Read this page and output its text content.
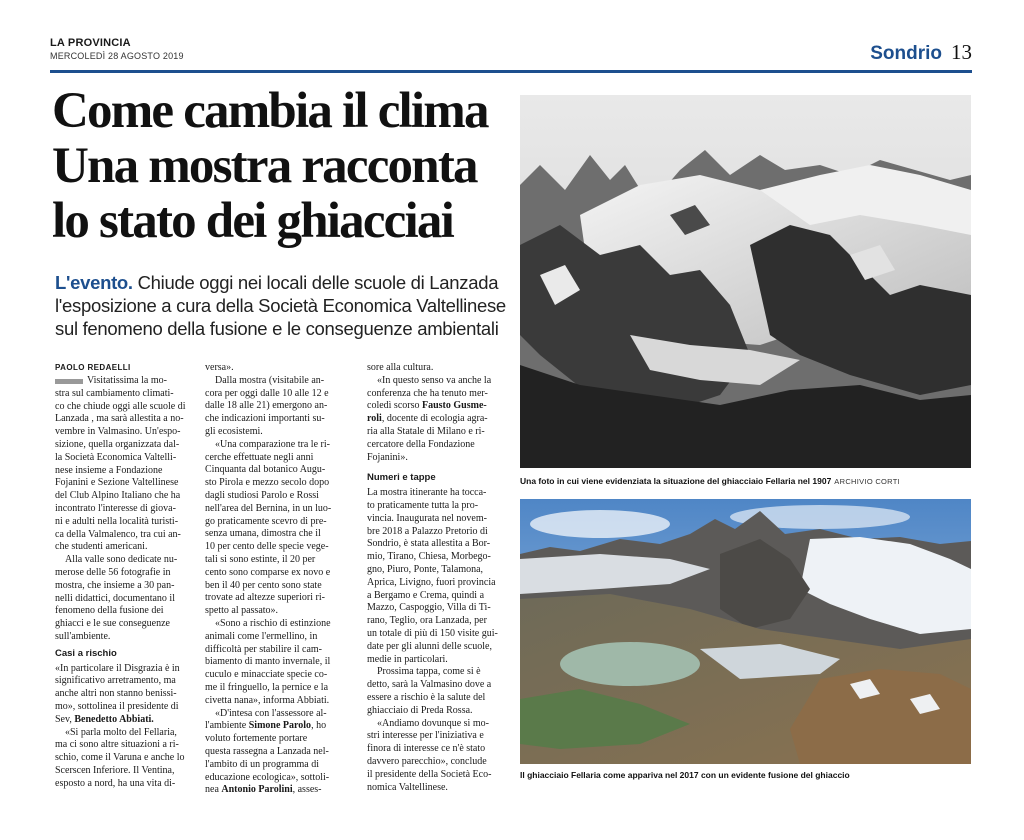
LA PROVINCIA
MERCOLEDÌ 28 AGOSTO 2019	Sondrio 13
Come cambia il clima
Una mostra racconta
lo stato dei ghiacciai
L'evento. Chiude oggi nei locali delle scuole di Lanzada
l'esposizione a cura della Società Economica Valtellinese
sul fenomeno della fusione e le conseguenze ambientali
PAOLO REDAELLI

Visitatissima la mo-

stra sul cambiamento climati-

co che chiude oggi alle scuole di

Lanzada , ma sarà allestita a no-

vembre in Valmasino. Un'espo-

sizione, quella organizzata dal-

la Società Economica Valtelli-

nese insieme a Fondazione

Fojanini e Sezione Valtellinese

del Club Alpino Italiano che ha

incontrato l'interesse di giova-

ni e adulti nella località turisti-

ca della Valmalenco, tra cui an-

che studenti americani.

Alla valle sono dedicate nu-

merose delle 56 fotografie in

mostra, che insieme a 30 pan-

nelli didattici, documentano il

fenomeno della fusione dei

ghiacci e le sue conseguenze

sull'ambiente.

Casi a rischio

«In particolare il Disgrazia è in

significativo arretramento, ma

anche altri non stanno benissi-

mo», sottolinea il presidente di

Sev, Benedetto Abbiati.

«Si parla molto del Fellaria,

ma ci sono altre situazioni a ri-

schio, come il Varuna e anche lo

Scerscen Inferiore. Il Ventina,

esposto a nord, ha una vita di-

versa».

Dalla mostra (visitabile an-

cora per oggi dalle 10 alle 12 e

dalle 18 alle 21) emergono an-

che indicazioni importanti su-

gli ecosistemi.

«Una comparazione tra le ri-

cerche effettuate negli anni

Cinquanta dal botanico Augu-

sto Pirola e mezzo secolo dopo

dagli studiosi Parolo e Rossi

nell'area del Bernina, in un luo-

go praticamente scevro di pre-

senza umana, dimostra che il

10 per cento delle specie vege-

tali si sono estinte, il 20 per

cento sono comparse ex novo e

ben il 40 per cento sono state

trovate ad altezze superiori ri-

spetto al passato».

«Sono a rischio di estinzione

animali come l'ermellino, in

difficoltà per stabilire il cam-

biamento di manto invernale, il

cuculo e minacciate specie co-

me il fringuello, la pernice e la

civetta nana», informa Abbiati.

«D'intesa con l'assessore al-

l'ambiente Simone Parolo, ho

voluto fortemente portare

questa rassegna a Lanzada nel-

l'ambito di un programma di

educazione ecologica», sottoli-

nea Antonio Parolini, asses-

sore alla cultura.

«In questo senso va anche la

conferenza che ha tenuto mer-

coledì scorso Fausto Gusme-

roli, docente di ecologia agra-

ria alla Statale di Milano e ri-

cercatore della Fondazione

Fojanini».

Numeri e tappe

La mostra itinerante ha tocca-

to praticamente tutta la pro-

vincia. Inaugurata nel novem-

bre 2018 a Palazzo Pretorio di

Sondrio, è stata allestita a Bor-

mio, Tirano, Chiesa, Morbego-

gno, Piuro, Ponte, Talamona,

Aprica, Livigno, fuori provincia

a Bergamo e Crema, quindi a

Mazzo, Caspoggio, Villa di Ti-

rano, Teglio, ora Lanzada, per

un totale di più di 150 visite gui-

date per gli alunni delle scuole,

medie in particolari.

Prossima tappa, come si è

detto, sarà la Valmasino dove a

essere a rischio è la salute del

ghiacciaio di Preda Rossa.

«Andiamo dovunque si mo-

stri interesse per l'iniziativa e

finora di interesse ce n'è stato

davvero parecchio», conclude

il presidente della Società Eco-

nomica Valtellinese.

Una foto in cui viene evidenziata la situazione del ghiacciaio Fellaria nel 1907 ARCHIVIO CORTI
Il ghiacciaio Fellaria come appariva nel 2017 con un evidente fusione del ghiaccio
